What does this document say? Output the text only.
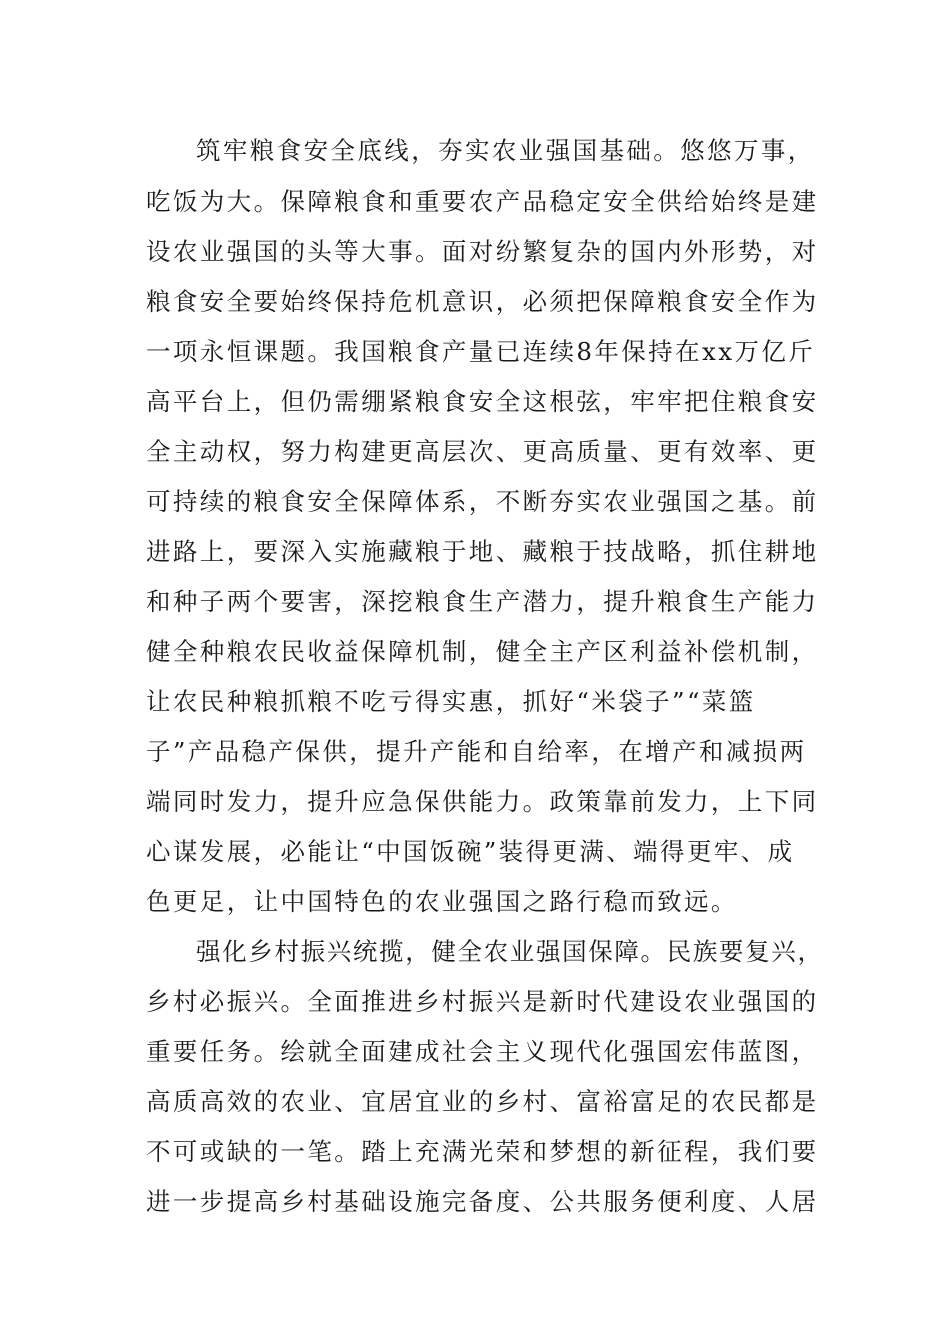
筑牢粮食安全底线，夯实农业强国基础。悠悠万事，
吃饭为大。保障粮食和重要农产品稳定安全供给始终是建
设农业强国的头等大事。面对纷繁复杂的国内外形势，对
粮食安全要始终保持危机意识，必须把保障粮食安全作为
一项永恒课题。我国粮食产量已连续8年保持在xx万亿斤
高平台上，但仍需绷紧粮食安全这根弦，牢牢把住粮食安
全主动权，努力构建更高层次、更高质量、更有效率、更
可持续的粮食安全保障体系，不断夯实农业强国之基。前
进路上，要深入实施藏粮于地、藏粮于技战略，抓住耕地
和种子两个要害，深挖粮食生产潜力，提升粮食生产能力
健全种粮农民收益保障机制，健全主产区利益补偿机制，
让农民种粮抓粮不吃亏得实惠，抓好“米袋子”“菜篮
子”产品稳产保供，提升产能和自给率，在增产和减损两
端同时发力，提升应急保供能力。政策靠前发力，上下同
心谋发展，必能让“中国饭碗”装得更满、端得更牢、成
色更足，让中国特色的农业强国之路行稳而致远。
强化乡村振兴统揽，健全农业强国保障。民族要复兴，
乡村必振兴。全面推进乡村振兴是新时代建设农业强国的
重要任务。绘就全面建成社会主义现代化强国宏伟蓝图，
高质高效的农业、宜居宜业的乡村、富裕富足的农民都是
不可或缺的一笔。踏上充满光荣和梦想的新征程，我们要
进一步提高乡村基础设施完备度、公共服务便利度、人居
